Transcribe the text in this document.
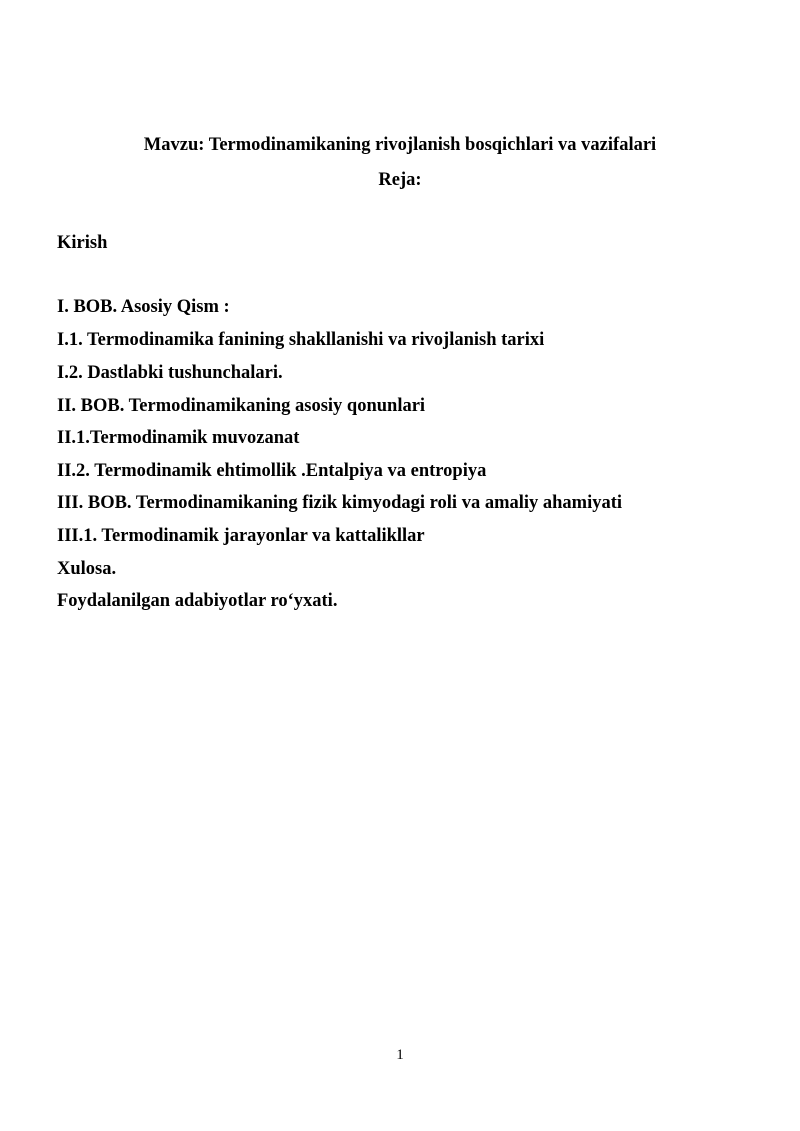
Mavzu: Termodinamikaning rivojlanish bosqichlari va vazifalari
Reja:
Kirish
I. BOB. Asosiy Qism :
I.1. Termodinamika fanining shakllanishi va rivojlanish tarixi
I.2. Dastlabki tushunchalari.
II. BOB. Termodinamikaning asosiy qonunlari
II.1.Termodinamik muvozanat
II.2. Termodinamik ehtimollik .Entalpiya va entropiya
III. BOB. Termodinamikaning fizik kimyodagi roli va amaliy ahamiyati
III.1. Termodinamik jarayonlar va kattalikllar
Xulosa.
Foydalanilgan adabiyotlar ro‘yxati.
1
